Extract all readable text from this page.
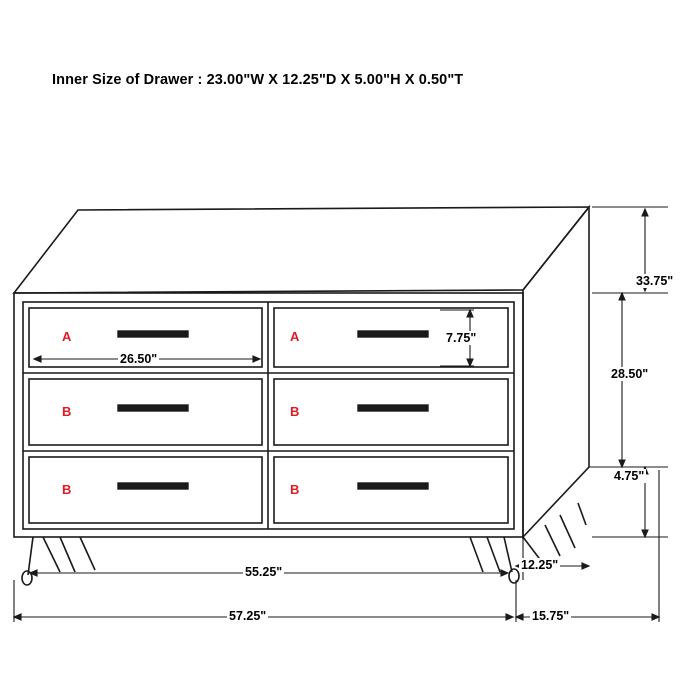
Inner Size of Drawer : 23.00"W X 12.25"D X 5.00"H X 0.50"T
A	A
B	B
B	B
26.50"
7.75"
33.75"
28.50"
4.75"
55.25"
57.25"
12.25"
15.75"
